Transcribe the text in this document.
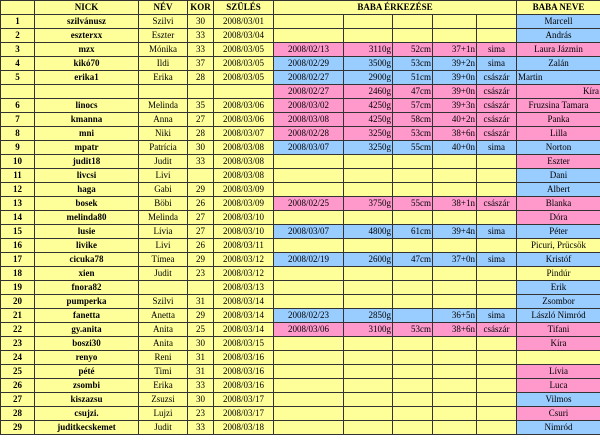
	NICK	NÉV	KOR	SZÜLÉS	BABA ÉRKEZÉSE					BABA NEVE
1	szilvánusz	Szilvi	30	2008/03/01						Marcell
2	eszterxx	Eszter	33	2008/03/04						András
3	mzx	Mónika	33	2008/03/05	2008/02/13	3110g	52cm	37+1n	sima	Laura Jázmin
4	kikó70	Ildi	37	2008/03/05	2008/02/29	3500g	53cm	39+2n	sima	Zalán
5	erika1	Erika	28	2008/03/05	2008/02/27	2900g	51cm	39+0n	császár	Martin
					2008/02/27	2460g	47cm	39+0n	császár	Kíra
6	linocs	Melinda	35	2008/03/06	2008/03/02	4250g	57cm	39+3n	császár	Fruzsina Tamara
7	kmanna	Anna	27	2008/03/06	2008/03/08	4250g	58cm	40+2n	császár	Panka
8	mni	Niki	28	2008/03/07	2008/02/28	3250g	53cm	38+6n	császár	Lilla
9	mpatr	Patrícia	30	2008/03/08	2008/03/07	3250g	55cm	40+0n	sima	Norton
10	judit18	Judit	33	2008/03/08						Eszter
11	livcsi	Livi		2008/03/08						Dani
12	haga	Gabi	29	2008/03/09						Albert
13	bosek	Böbi	26	2008/03/09	2008/02/25	3750g	55cm	38+1n	császár	Blanka
14	melinda80	Melinda	27	2008/03/10						Dóra
15	lusie	Lívia	27	2008/03/10	2008/03/07	4800g	61cm	39+4n	sima	Péter
16	livike	Livi	26	2008/03/11						Picuri, Prücsök
17	cicuka78	Tímea	29	2008/03/12	2008/02/19	2600g	47cm	37+0n	sima	Kristóf
18	xien	Judit	23	2008/03/12						Pindúr
19	fnora82			2008/03/13						Erik
20	pumperka	Szilvi	31	2008/03/14						Zsombor
21	fanetta	Anetta	29	2008/03/14	2008/02/23	2850g		36+5n	sima	László Nimród
22	gy.anita	Anita	25	2008/03/14	2008/03/06	3100g	53cm	38+6n	császár	Tifani
23	boszi30	Anita	30	2008/03/15						Kíra
24	renyo	Reni	31	2008/03/16						
25	pété	Timi	31	2008/03/16						Lívia
26	zsombi	Erika	33	2008/03/16						Luca
27	kiszazsu	Zsuzsi	30	2008/03/17						Vilmos
28	csujzi.	Lujzi	23	2008/03/17						Csuri
29	juditkecskemet	Judit	33	2008/03/18						Nimród
